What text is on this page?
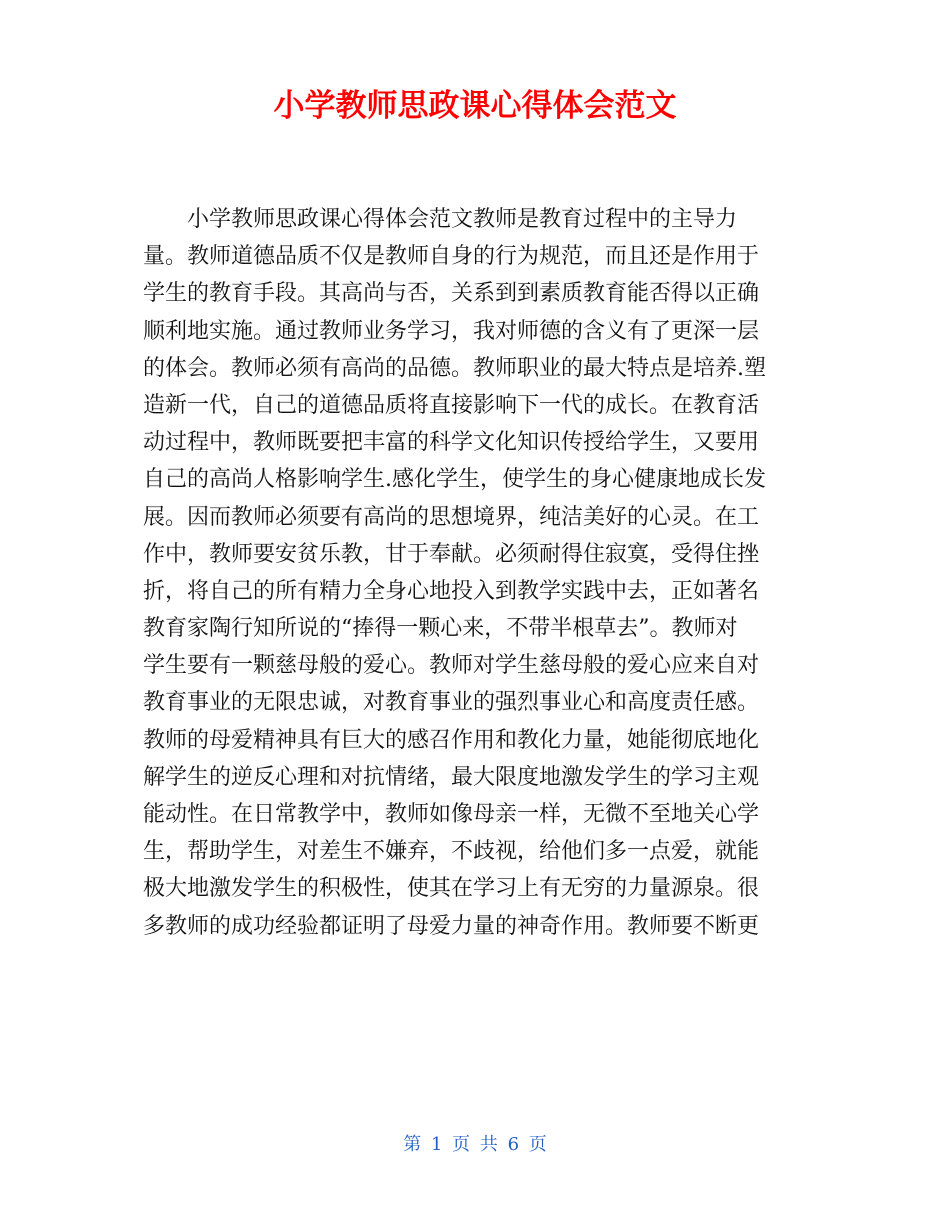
小学教师思政课心得体会范文
小学教师思政课心得体会范文教师是教育过程中的主导力
量。教师道德品质不仅是教师自身的行为规范，而且还是作用于
学生的教育手段。其高尚与否，关系到到素质教育能否得以正确
顺利地实施。通过教师业务学习，我对师德的含义有了更深一层
的体会。教师必须有高尚的品德。教师职业的最大特点是培养.塑
造新一代，自己的道德品质将直接影响下一代的成长。在教育活
动过程中，教师既要把丰富的科学文化知识传授给学生，又要用
自己的高尚人格影响学生.感化学生，使学生的身心健康地成长发
展。因而教师必须要有高尚的思想境界，纯洁美好的心灵。在工
作中，教师要安贫乐教，甘于奉献。必须耐得住寂寞，受得住挫
折，将自己的所有精力全身心地投入到教学实践中去，正如著名
教育家陶行知所说的“捧得一颗心来，不带半根草去”。教师对
学生要有一颗慈母般的爱心。教师对学生慈母般的爱心应来自对
教育事业的无限忠诚，对教育事业的强烈事业心和高度责任感。
教师的母爱精神具有巨大的感召作用和教化力量，她能彻底地化
解学生的逆反心理和对抗情绪，最大限度地激发学生的学习主观
能动性。在日常教学中，教师如像母亲一样，无微不至地关心学
生，帮助学生，对差生不嫌弃，不歧视，给他们多一点爱，就能
极大地激发学生的积极性，使其在学习上有无穷的力量源泉。很
多教师的成功经验都证明了母爱力量的神奇作用。教师要不断更
第 1 页 共 6 页
